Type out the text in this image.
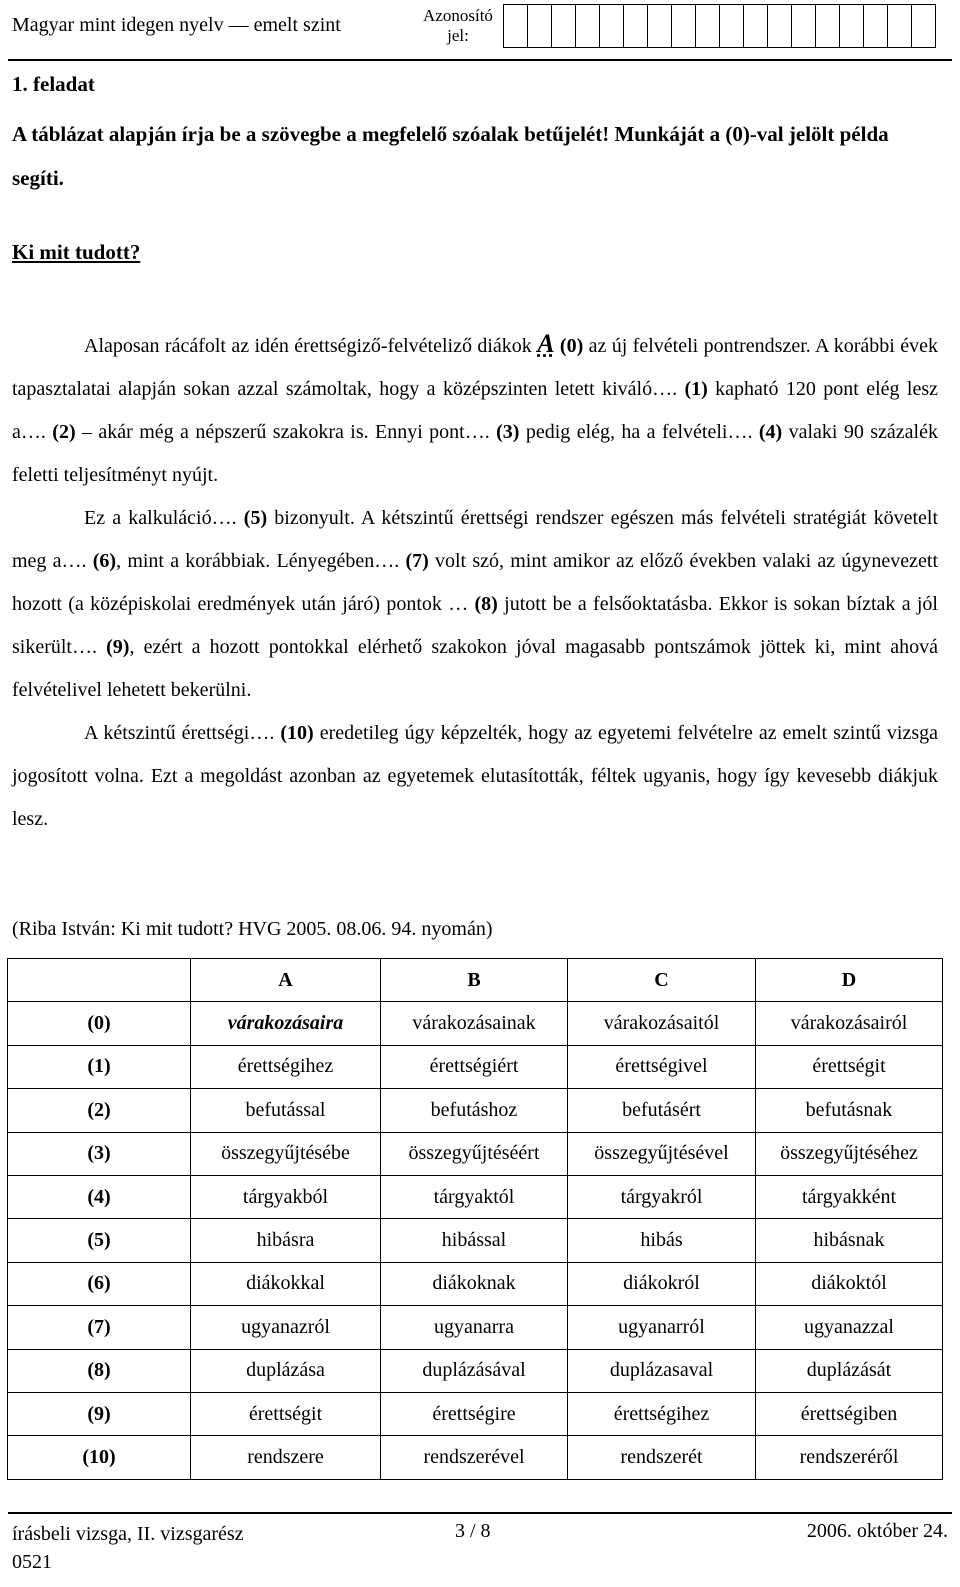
Magyar mint idegen nyelv — emelt szint	Azonosító
jel:
1. feladat
A táblázat alapján írja be a szövegbe a megfelelő szóalak betűjelét! Munkáját a (0)-val jelölt példa segíti.
Ki mit tudott?

Alaposan rácáfolt az idén érettségiző-felvételiző diákok A (0) az új felvételi pontrendszer. A korábbi évek tapasztalatai alapján sokan azzal számoltak, hogy a középszinten letett kiváló…. (1) kapható 120 pont elég lesz a…. (2) – akár még a népszerű szakokra is. Ennyi pont…. (3) pedig elég, ha a felvételi…. (4) valaki 90 százalék feletti teljesítményt nyújt.

Ez a kalkuláció…. (5) bizonyult. A kétszintű érettségi rendszer egészen más felvételi stratégiát követelt meg a…. (6), mint a korábbiak. Lényegében…. (7) volt szó, mint amikor az előző években valaki az úgynevezett hozott (a középiskolai eredmények után járó) pontok … (8) jutott be a felsőoktatásba. Ekkor is sokan bíztak a jól sikerült…. (9), ezért a hozott pontokkal elérhető szakokon jóval magasabb pontszámok jöttek ki, mint ahová felvételivel lehetett bekerülni.

A kétszintű érettségi…. (10) eredetileg úgy képzelték, hogy az egyetemi felvételre az emelt szintű vizsga jogosított volna. Ezt a megoldást azonban az egyetemek elutasították, féltek ugyanis, hogy így kevesebb diákjuk lesz.

(Riba István: Ki mit tudott? HVG 2005. 08.06. 94. nyomán)
	A	B	C	D
(0)	várakozásaira	várakozásainak	várakozásaitól	várakozásairól
(1)	érettségihez	érettségiért	érettségivel	érettségit
(2)	befutással	befutáshoz	befutásért	befutásnak
(3)	összegyűjtésébe	összegyűjtéséért	összegyűjtésével	összegyűjtéséhez
(4)	tárgyakból	tárgyaktól	tárgyakról	tárgyakként
(5)	hibásra	hibással	hibás	hibásnak
(6)	diákokkal	diákoknak	diákokról	diákoktól
(7)	ugyanazról	ugyanarra	ugyanarról	ugyanazzal
(8)	duplázása	duplázásával	duplázasaval	duplázását
(9)	érettségit	érettségire	érettségihez	érettségiben
(10)	rendszere	rendszerével	rendszerét	rendszeréről
írásbeli vizsga, II. vizsgarész
0521
3 / 8	2006. október 24.
